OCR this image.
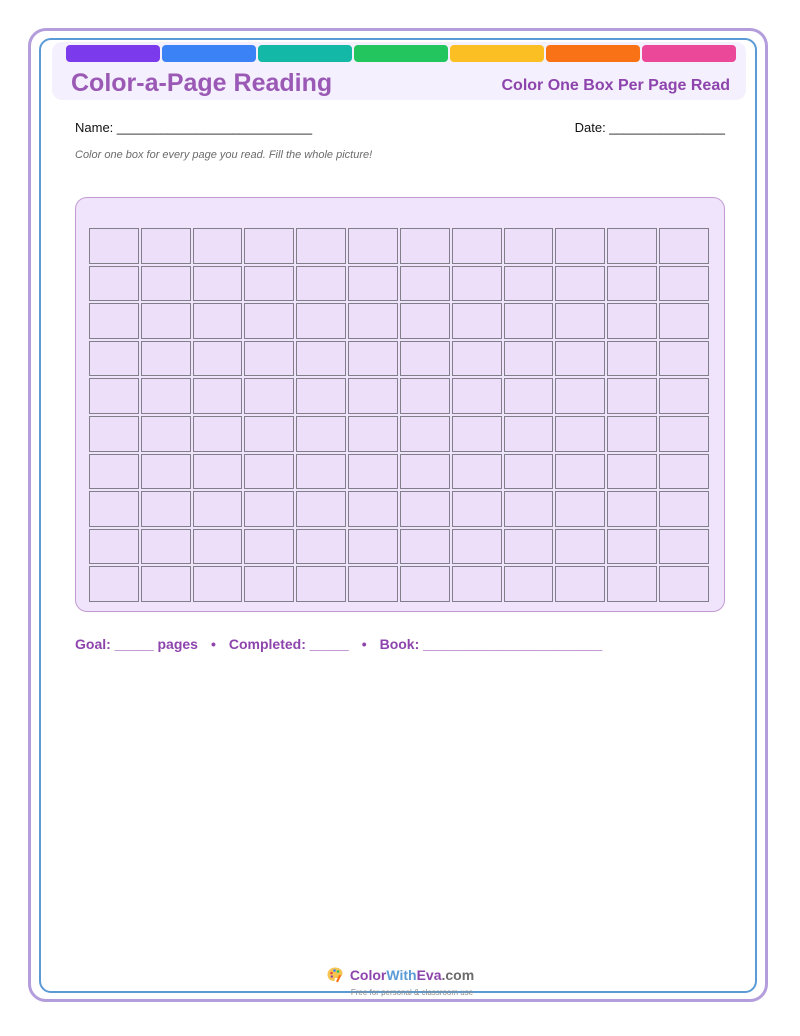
Color-a-Page Reading	Color One Box Per Page Read
Name: ___________________________	Date: ________________
Color one box for every page you read. Fill the whole picture!
Goal: _____ pages • Completed: _____ • Book: _______________________
ColorWithEva.com
Free for personal & classroom use
